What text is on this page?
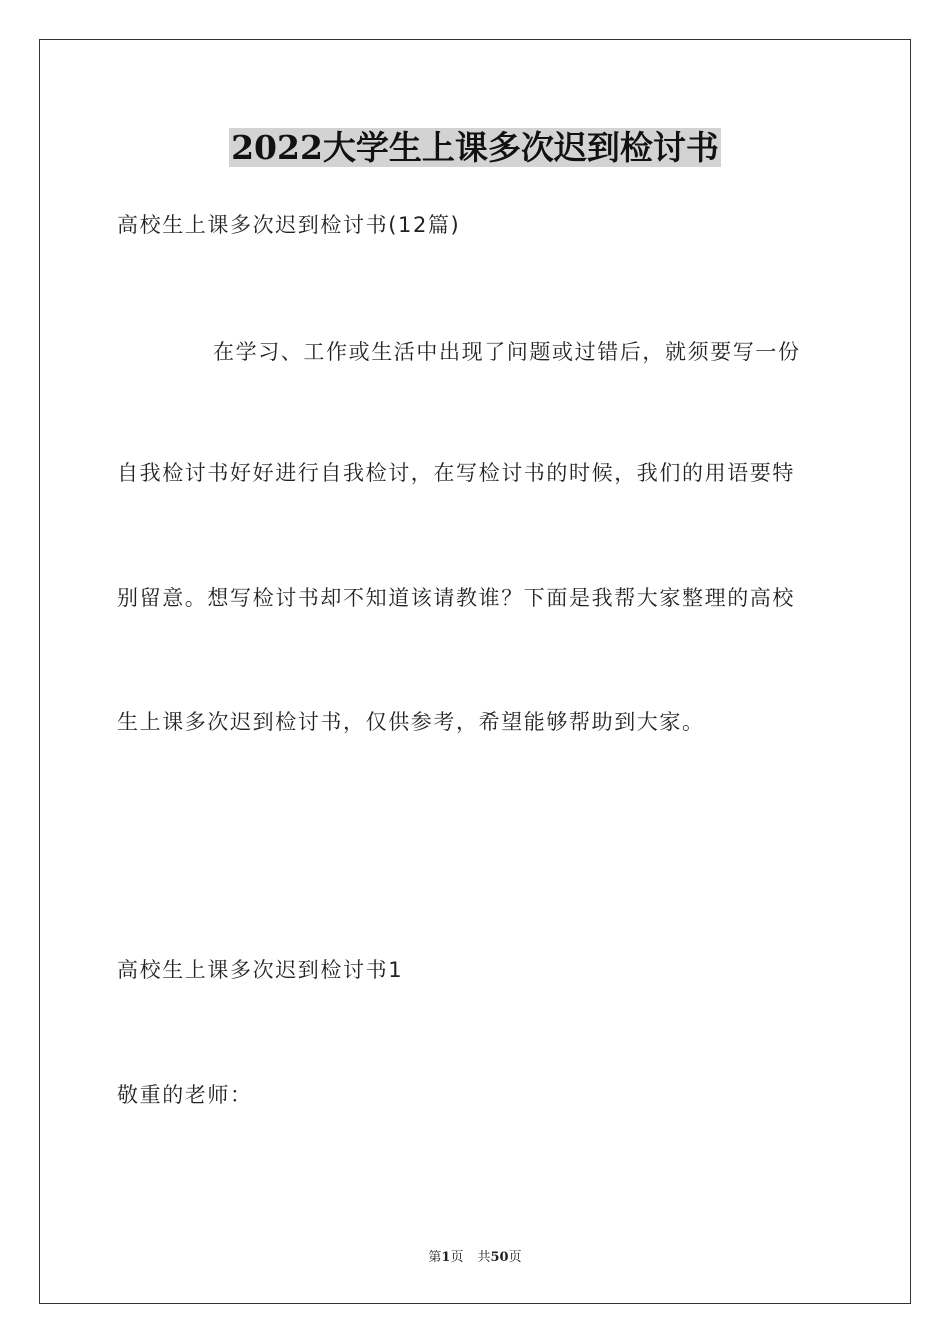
2022大学生上课多次迟到检讨书
高校生上课多次迟到检讨书(12篇)
在学习、工作或生活中出现了问题或过错后，就须要写一份
自我检讨书好好进行自我检讨，在写检讨书的时候，我们的用语要特
别留意。想写检讨书却不知道该请教谁？下面是我帮大家整理的高校
生上课多次迟到检讨书，仅供参考，希望能够帮助到大家。
高校生上课多次迟到检讨书1
敬重的老师：
第1页 共50页
